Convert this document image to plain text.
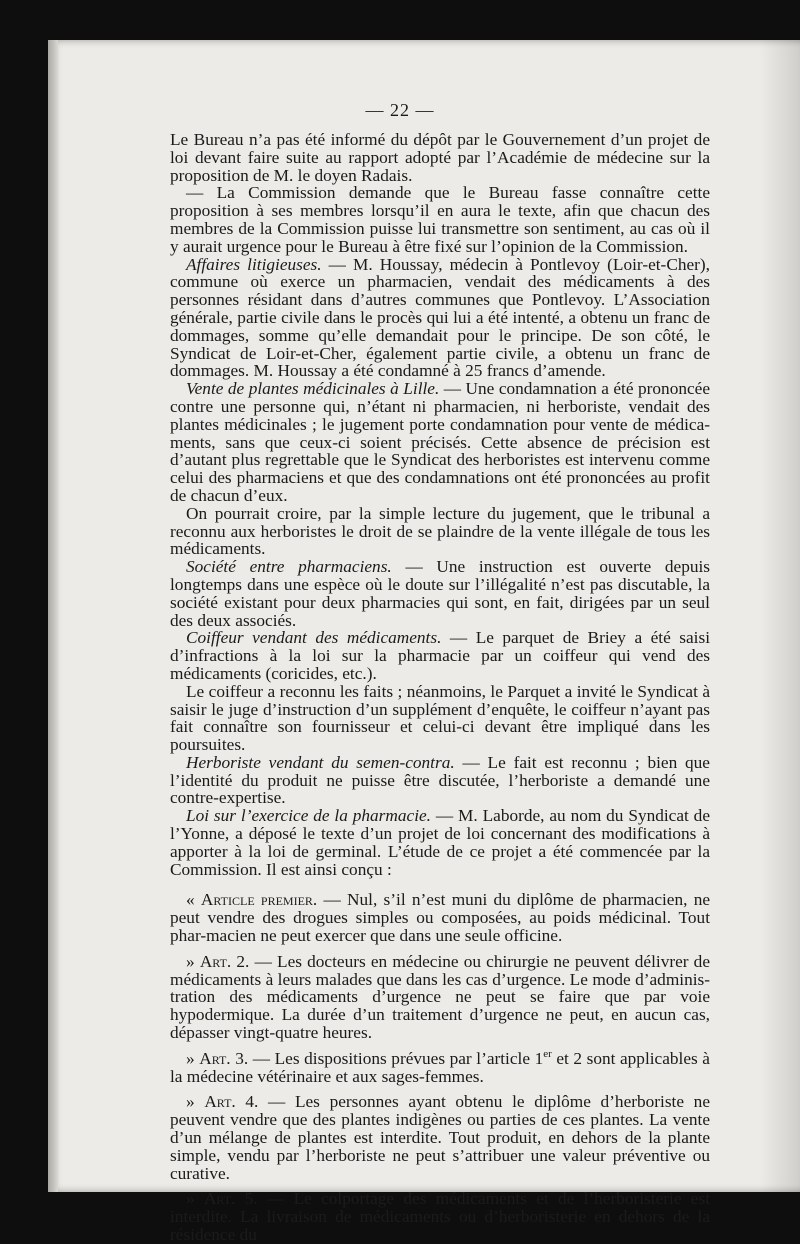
— 22 —

Le Bureau n’a pas été informé du dépôt par le Gouvernement d’un projet de loi devant faire suite au rapport adopté par l’Académie de médecine sur la proposition de M. le doyen Radais.

— La Commission demande que le Bureau fasse connaître cette proposition à ses membres lorsqu’il en aura le texte, afin que chacun des membres de la Commission puisse lui transmettre son sentiment, au cas où il y aurait urgence pour le Bureau à être fixé sur l’opinion de la Commission.

Affaires litigieuses. — M. Houssay, médecin à Pontlevoy (Loir-et-Cher), commune où exerce un pharmacien, vendait des médicaments à des personnes résidant dans d’autres communes que Pontlevoy. L’Association générale, partie civile dans le procès qui lui a été intenté, a obtenu un franc de dommages, somme qu’elle demandait pour le principe. De son côté, le Syndicat de Loir-et-Cher, également partie civile, a obtenu un franc de dommages. M. Houssay a été condamné à 25 francs d’amende.

Vente de plantes médicinales à Lille. — Une condamnation a été prononcée contre une personne qui, n’étant ni pharmacien, ni herboriste, vendait des plantes médicinales ; le jugement porte condamnation pour vente de médica-ments, sans que ceux-ci soient précisés. Cette absence de précision est d’autant plus regrettable que le Syndicat des herboristes est intervenu comme celui des pharmaciens et que des condamnations ont été prononcées au profit de chacun d’eux.

On pourrait croire, par la simple lecture du jugement, que le tribunal a reconnu aux herboristes le droit de se plaindre de la vente illégale de tous les médicaments.

Société entre pharmaciens. — Une instruction est ouverte depuis longtemps dans une espèce où le doute sur l’illégalité n’est pas discutable, la société existant pour deux pharmacies qui sont, en fait, dirigées par un seul des deux associés.

Coiffeur vendant des médicaments. — Le parquet de Briey a été saisi d’infractions à la loi sur la pharmacie par un coiffeur qui vend des médicaments (coricides, etc.).

Le coiffeur a reconnu les faits ; néanmoins, le Parquet a invité le Syndicat à saisir le juge d’instruction d’un supplément d’enquête, le coiffeur n’ayant pas fait connaître son fournisseur et celui-ci devant être impliqué dans les poursuites.

Herboriste vendant du semen-contra. — Le fait est reconnu ; bien que l’identité du produit ne puisse être discutée, l’herboriste a demandé une contre-expertise.

Loi sur l’exercice de la pharmacie. — M. Laborde, au nom du Syndicat de l’Yonne, a déposé le texte d’un projet de loi concernant des modifications à apporter à la loi de germinal. L’étude de ce projet a été commencée par la Commission. Il est ainsi conçu :

« Article premier. — Nul, s’il n’est muni du diplôme de pharmacien, ne peut vendre des drogues simples ou composées, au poids médicinal. Tout phar-macien ne peut exercer que dans une seule officine.

» Art. 2. — Les docteurs en médecine ou chirurgie ne peuvent délivrer de médicaments à leurs malades que dans les cas d’urgence. Le mode d’adminis-tration des médicaments d’urgence ne peut se faire que par voie hypodermique. La durée d’un traitement d’urgence ne peut, en aucun cas, dépasser vingt-quatre heures.

» Art. 3. — Les dispositions prévues par l’article 1er et 2 sont applicables à la médecine vétérinaire et aux sages-femmes.

» Art. 4. — Les personnes ayant obtenu le diplôme d’herboriste ne peuvent vendre que des plantes indigènes ou parties de ces plantes. La vente d’un mélange de plantes est interdite. Tout produit, en dehors de la plante simple, vendu par l’herboriste ne peut s’attribuer une valeur préventive ou curative.

» Art. 5. — Le colportage des médicaments et de l’herboristerie est interdite. La livraison de médicaments ou d’herboristerie en dehors de la résidence du
